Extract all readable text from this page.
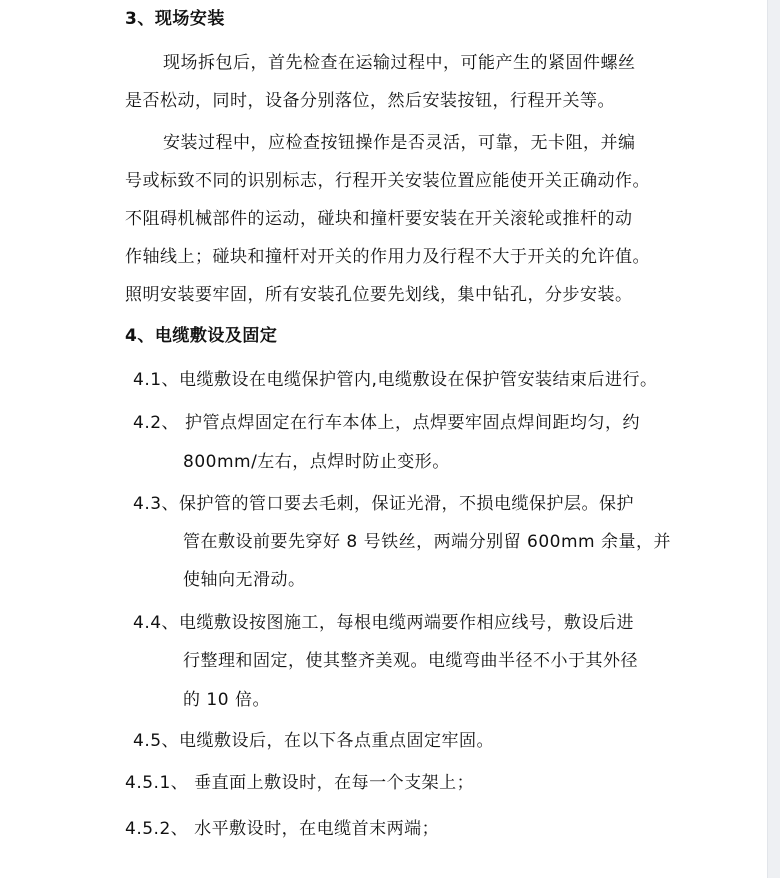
3、现场安装
现场拆包后，首先检查在运输过程中，可能产生的紧固件螺丝
是否松动，同时，设备分别落位，然后安装按钮，行程开关等。
安装过程中，应检查按钮操作是否灵活，可靠，无卡阻，并编
号或标致不同的识别标志，行程开关安装位置应能使开关正确动作。
不阻碍机械部件的运动，碰块和撞杆要安装在开关滚轮或推杆的动
作轴线上；碰块和撞杆对开关的作用力及行程不大于开关的允许值。
照明安装要牢固，所有安装孔位要先划线，集中钻孔，分步安装。
4、电缆敷设及固定
4.1、电缆敷设在电缆保护管内,电缆敷设在保护管安装结束后进行。
4.2、 护管点焊固定在行车本体上，点焊要牢固点焊间距均匀，约
800mm/左右，点焊时防止变形。
4.3、保护管的管口要去毛刺，保证光滑，不损电缆保护层。保护
管在敷设前要先穿好 8 号铁丝，两端分别留 600mm 余量，并
使轴向无滑动。
4.4、电缆敷设按图施工，每根电缆两端要作相应线号，敷设后进
行整理和固定，使其整齐美观。电缆弯曲半径不小于其外径
的 10 倍。
4.5、电缆敷设后，在以下各点重点固定牢固。
4.5.1、 垂直面上敷设时，在每一个支架上；
4.5.2、 水平敷设时，在电缆首末两端；
